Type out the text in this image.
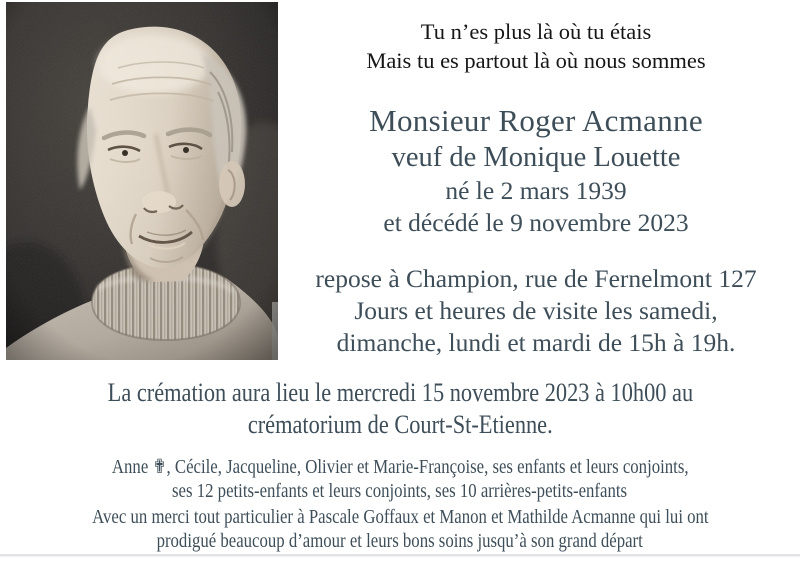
Tu n’es plus là où tu étais
Mais tu es partout là où nous sommes
Monsieur Roger Acmanne
veuf de Monique Louette
né le 2 mars 1939
et décédé le 9 novembre 2023
repose à Champion, rue de Fernelmont 127
Jours et heures de visite les samedi,
dimanche, lundi et mardi de 15h à 19h.
La crémation aura lieu le mercredi 15 novembre 2023 à 10h00 au
crématorium de Court-St-Etienne.
Anne ✟, Cécile, Jacqueline, Olivier et Marie-Françoise, ses enfants et leurs conjoints,
ses 12 petits-enfants et leurs conjoints, ses 10 arrières-petits-enfants
Avec un merci tout particulier à Pascale Goffaux et Manon et Mathilde Acmanne qui lui ont
prodigué beaucoup d’amour et leurs bons soins jusqu’à son grand départ
